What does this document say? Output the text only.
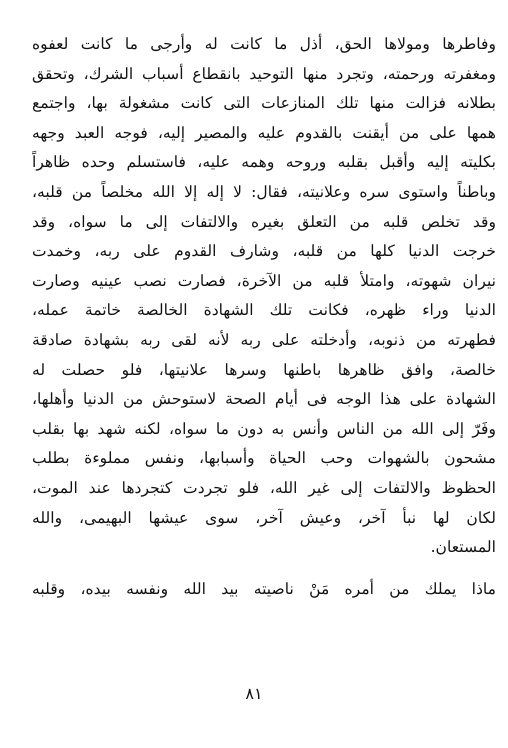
وفاطرها ومولاها الحق، أذل ما كانت له وأرجى ما كانت لعفوه
ومغفرته ورحمته، وتجرد منها التوحيد بانقطاع أسباب الشرك، وتحقق
بطلانه فزالت منها تلك المنازعات التى كانت مشغولة بها، واجتمع
همها على من أيقنت بالقدوم عليه والمصير إليه، فوجه العبد وجهه
بكليته إليه وأقبل بقلبه وروحه وهمه عليه، فاستسلم وحده ظاهراً
وباطناً واستوى سره وعلانيته، فقال: لا إله إلا الله مخلصاً من قلبه،
وقد تخلص قلبه من التعلق بغيره والالتفات إلى ما سواه، وقد
خرجت الدنيا كلها من قلبه، وشارف القدوم على ربه، وخمدت
نيران شهوته، وامتلأ قلبه من الآخرة، فصارت نصب عينيه وصارت
الدنيا وراء ظهره، فكانت تلك الشهادة الخالصة خاتمة عمله،
فطهرته من ذنوبه، وأدخلته على ربه لأنه لقى ربه بشهادة صادقة
خالصة، وافق ظاهرها باطنها وسرها علانيتها، فلو حصلت له
الشهادة على هذا الوجه فى أيام الصحة لاستوحش من الدنيا وأهلها،
وفَرّ إلى الله من الناس وأنس به دون ما سواه، لكنه شهد بها بقلب
مشحون بالشهوات وحب الحياة وأسبابها، ونفس مملوءة بطلب
الحظوظ والالتفات إلى غير الله، فلو تجردت كتجردها عند الموت،
لكان لها نبأ آخر، وعيش آخر، سوى عيشها البهيمى، والله
المستعان.
ماذا يملك من أمره مَنْ ناصيته بيد الله ونفسه بيده، وقلبه
٨١
